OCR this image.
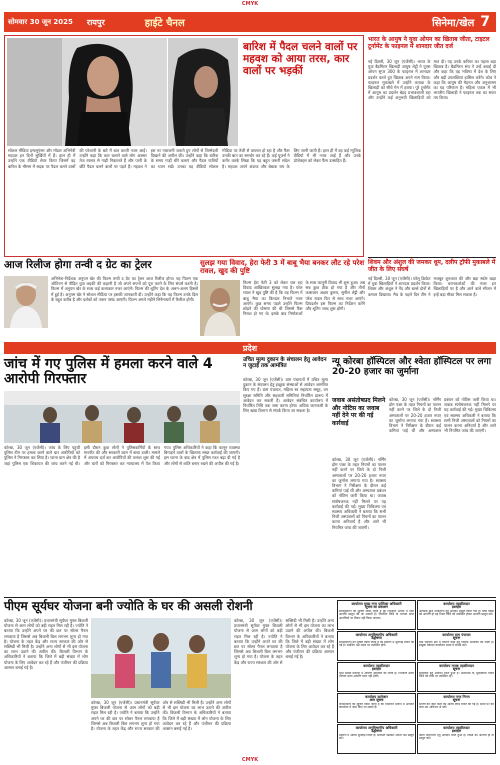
CMYK
सोमवार 30 जून 2025 रायपुर	हाईटे चैनल	सिनेमा/खेल 7
बारिश में पैदल चलने वालों पर महवश को आया तरस, कार वालों पर भड़कीं
सोशल मीडिया इन्फ्लुएंसर और मॉडल अभिनेत्री महवश इन दिनों सुर्खियों में हैं। हाल ही में उन्होंने एक वीडियो शेयर किया जिसमें वह बारिश के मौसम में सड़क पर पैदल चलने वालों की परेशानी के बारे में बात करती नजर आईं। उन्होंने कहा कि कार चलाने वाले लोग अक्सर तेज रफ्तार से गाड़ी निकालते हैं और पानी के छींटे पैदल चलने वालों पर पड़ते हैं। महवश ने इस पर नाराजगी जताते हुए लोगों से जिम्मेदारी दिखाने की अपील की। उन्होंने कहा कि बारिश के समय गाड़ी धीरे चलाएं और पैदल यात्रियों का ध्यान रखें। उनका यह वीडियो सोशल मीडिया पर तेजी से वायरल हो रहा है और फैंस उनकी बात का समर्थन कर रहे हैं। कई यूजर्स ने कमेंट करके लिखा कि यह बहुत जरूरी संदेश है। महवश अपने अंदाज और बेबाक राय के लिए जानी जाती हैं। हाल ही में वह कई म्यूजिक वीडियो में भी नजर आई हैं और उनके प्रोजेक्ट्स को लेकर फैंस उत्साहित हैं।
भारत के आयुष ने युवा ओपन का खिताब जीता, टाइटल टूर्नामेंट के फाइनल में शानदार जीत दर्ज
नई दिल्ली, 30 जून (एजेंसी)। भारत के युवा बैडमिंटन खिलाड़ी आयुष शेट्टी ने यूएस ओपन सुपर 300 के फाइनल में शानदार प्रदर्शन करते हुए खिताब अपने नाम किया। फाइनल मुकाबले में उन्होंने कनाडा के खिलाड़ी को सीधे गेम में हराया। पूरे टूर्नामेंट में आयुष का प्रदर्शन बेहद प्रभावशाली रहा और उन्होंने कई अनुभवी खिलाड़ियों को मात दी। यह उनके करियर का पहला बड़ा खिताब है। बैडमिंटन संघ ने उन्हें बधाई दी और कहा कि वह भविष्य में देश के लिए और बड़ी उपलब्धियां हासिल करेंगे। कोच ने कहा कि आयुष की मेहनत और अनुशासन का यह परिणाम है। महिला एकल में भी भारतीय खिलाड़ी ने फाइनल तक का सफर तय किया।
शिवम और अंशुल की जमकर धूम, दलीप ट्रॉफी मुकाबले में जीत के लिए संघर्ष
नई दिल्ली, 30 जून (एजेंसी)। घरेलू क्रिकेट में युवा खिलाड़ियों ने शानदार प्रदर्शन किया। शिवम और अंशुल ने गेंद और बल्ले दोनों से कमाल दिखाया। मैच के पहले दिन टीम ने मजबूत शुरुआत की और बड़ा स्कोर खड़ा किया। चयनकर्ताओं की नजर इन खिलाड़ियों पर है और आने वाले सीजन में इन्हें बड़ा मौका मिल सकता है।
आज रिलीज होगा तन्वी द ग्रेट का ट्रेलर
अभिनेता-निर्देशक अनुपम खेर की फिल्म तन्वी द ग्रेट का ट्रेलर आज रिलीज होगा। यह फिल्म एक ऑटिज्म से पीड़ित युवा लड़की की कहानी है जो अपने सपनों को पूरा करने के लिए संघर्ष करती है। फिल्म में अनुपम खेर के साथ कई कलाकार नजर आएंगे। फिल्म की शूटिंग देश के अलग-अलग हिस्सों में हुई है। अनुपम खेर ने सोशल मीडिया पर इसकी जानकारी दी। उन्होंने कहा कि यह फिल्म उनके दिल के बहुत करीब है और दर्शकों को जरूर पसंद आएगी। फिल्म अगले महीने सिनेमाघरों में रिलीज होगी।
सुलझ गया विवाद, हेरा फेरी 3 में बाबू भैया बनकर लौट रहे परेश रावल, खुद की पुष्टि
फिल्म हेरा फेरी 3 को लेकर चल रहा विवाद आखिरकार सुलझ गया है। परेश रावल ने खुद पुष्टि की है कि वह फिल्म में बाबू भैया का किरदार निभाते नजर आएंगे। कुछ समय पहले उन्होंने फिल्म छोड़ने की घोषणा की थी जिससे फैंस निराश हो गए थे। इसके बाद निर्माताओं के साथ कानूनी विवाद भी शुरू हुआ। अब सब कुछ ठीक हो गया है और तीनों कलाकार अक्षय कुमार, सुनील शेट्टी और परेश रावल फिर से साथ नजर आएंगे। प्रियदर्शन इस फिल्म का निर्देशन करेंगे और शूटिंग जल्द शुरू होगी।
प्रदेश
जांच में गए पुलिस में हमला करने वाले 4 आरोपी गिरफ्तार
कोरबा, 30 जून (एजेंसी)। जांच के लिए पहुंची पुलिस टीम पर हमला करने वाले चार आरोपियों को पुलिस ने गिरफ्तार कर लिया है। घटना ग्राम क्षेत्र की है जहां पुलिस एक शिकायत की जांच करने गई थी। इसी दौरान कुछ लोगों ने पुलिसकर्मियों के साथ मारपीट की और सरकारी काम में बाधा डाली। मामले में अपराध दर्ज कर आरोपियों की तलाश शुरू की गई और चारों को गिरफ्तार कर न्यायालय में पेश किया गया। पुलिस अधिकारियों ने कहा कि कानून व्यवस्था बिगाड़ने वालों के खिलाफ सख्त कार्रवाई की जाएगी। इस घटना के बाद क्षेत्र में पुलिस गश्त बढ़ा दी गई है और लोगों से शांति बनाए रखने की अपील की गई है।
उचित मूल्य दुकान के संचालन हेतु आवेदन न जुटाई तक आमंत्रित
कोरबा, 30 जून (एजेंसी)। ग्राम पंचायतों में उचित मूल्य दुकान के संचालन हेतु इच्छुक संस्थाओं से आवेदन आमंत्रित किए गए हैं। ग्राम पंचायत, महिला स्व सहायता समूह, वन सुरक्षा समिति और सहकारी समितियां निर्धारित प्रारूप में आवेदन कर सकती हैं। आवेदन संबंधित कार्यालय में निर्धारित तिथि तक जमा करना होगा। अधिक जानकारी के लिए खाद्य विभाग से संपर्क किया जा सकता है।
न्यू कोरबा हॉस्पिटल और श्वेता हॉस्पिटल पर लगा 20-20 हजार का जुर्माना
जवाब असंतोषप्रद मिलने और नोटिस का जवाब नहीं देने पर की गई कार्रवाई
कोरबा, 30 जून (एजेंसी)। नर्सिंग होम एक्ट के तहत नियमों का पालन नहीं करने पर जिले के दो निजी अस्पतालों पर 20-20 हजार रुपए का जुर्माना लगाया गया है। स्वास्थ्य विभाग ने निरीक्षण के दौरान कई कमियां पाई थीं और अस्पताल प्रबंधन को नोटिस जारी किया था। जवाब संतोषजनक नहीं मिलने पर यह कार्रवाई की गई। मुख्य चिकित्सा एवं स्वास्थ्य अधिकारी ने बताया कि सभी निजी अस्पतालों को नियमों का पालन करना अनिवार्य है और आगे भी नियमित जांच की जाएगी।
कोरबा, 30 जून (एजेंसी)। नर्सिंग होम एक्ट के तहत नियमों का पालन नहीं करने पर जिले के दो निजी अस्पतालों पर 20-20 हजार रुपए का जुर्माना लगाया गया है। स्वास्थ्य विभाग ने निरीक्षण के दौरान कई कमियां पाई थीं और अस्पताल प्रबंधन को नोटिस जारी किया था। जवाब संतोषजनक नहीं मिलने पर यह कार्रवाई की गई। मुख्य चिकित्सा एवं स्वास्थ्य अधिकारी ने बताया कि सभी निजी अस्पतालों को नियमों का पालन करना अनिवार्य है और आगे भी नियमित जांच की जाएगी।
पीएम सूर्यघर योजना बनी ज्योति के घर की असली रोशनी
कोरबा, 30 जून (एजेंसी)। प्रधानमंत्री सूर्यघर मुफ्त बिजली योजना से आम लोगों को बड़ी राहत मिल रही है। ज्योति ने बताया कि उन्होंने अपने घर की छत पर सोलर पैनल लगवाया है जिससे अब बिजली बिल लगभग शून्य हो गया है। योजना के तहत केंद्र और राज्य सरकार की ओर से सब्सिडी भी मिली है। उन्होंने अन्य लोगों से भी इस योजना का लाभ उठाने की अपील की। बिजली विभाग के अधिकारियों ने बताया कि जिले में बड़ी संख्या में लोग योजना के लिए आवेदन कर रहे हैं और पंजीयन की प्रक्रिया आसान बनाई गई है।
कोरबा, 30 जून (एजेंसी)। प्रधानमंत्री सूर्यघर मुफ्त बिजली योजना से आम लोगों को बड़ी राहत मिल रही है। ज्योति ने बताया कि उन्होंने अपने घर की छत पर सोलर पैनल लगवाया है जिससे अब बिजली बिल लगभग शून्य हो गया है। योजना के तहत केंद्र और राज्य सरकार की ओर से सब्सिडी भी मिली है। उन्होंने अन्य लोगों से भी इस योजना का लाभ उठाने की अपील की। बिजली विभाग के अधिकारियों ने बताया कि जिले में बड़ी संख्या में लोग योजना के लिए आवेदन कर रहे हैं और पंजीयन की प्रक्रिया आसान बनाई गई है।
कोरबा, 30 जून (एजेंसी)। प्रधानमंत्री सूर्यघर मुफ्त बिजली योजना से आम लोगों को बड़ी राहत मिल रही है। ज्योति ने बताया कि उन्होंने अपने घर की छत पर सोलर पैनल लगवाया है जिससे अब बिजली बिल लगभग शून्य हो गया है। योजना के तहत केंद्र और राज्य सरकार की ओर से सब्सिडी भी मिली है। उन्होंने अन्य लोगों से भी इस योजना का लाभ उठाने की अपील की। बिजली विभाग के अधिकारियों ने बताया कि जिले में बड़ी संख्या में लोग योजना के लिए आवेदन कर रहे हैं और पंजीयन की प्रक्रिया आसान बनाई गई है।
कार्यालय मुख्य नगर पालिका अधिकारी
सूचना का प्रकाशन
सर्वसाधारण को सूचित किया जाता है कि निर्धारित अवधि में दावा आपत्ति प्रस्तुत की जा सकती है। निर्धारित तिथि के पश्चात प्राप्त आपत्तियों पर विचार नहीं किया जाएगा।
कार्यालय तहसीलदार
इश्तहार
आवेदक द्वारा नामांतरण हेतु आवेदन प्रस्तुत किया गया है। जिस किसी को आपत्ति हो वह नियत तिथि को उपस्थित होकर आपत्ति प्रस्तुत करे।
कार्यालय अनुविभागीय अधिकारी
उद्घोषणा
सर्वसाधारण को सूचित किया जाता है कि प्रकरण में सुनवाई नियत की गई है। संबंधित पक्ष समय पर उपस्थित होवें।
कार्यालय ग्राम पंचायत
सूचना
ग्राम पंचायत क्षेत्र में निर्माण कार्य हेतु निविदा आमंत्रित की जाती है। इच्छुक ठेकेदार कार्यालय समय में संपर्क करें।
कार्यालय तहसीलदार
इश्तहार
भूमि संबंधी प्रकरण में आपत्ति आमंत्रित की जाती है। निर्धारित समय पश्चात प्राप्त आपत्ति मान्य नहीं होगी।
कार्यालय नायब तहसीलदार
सूचना
सीमांकन हेतु आवेदन प्राप्त हुआ है। आसपास के भूमिस्वामी नियत तिथि को मौके पर उपस्थित रहें।
कार्यालय कलेक्टर
आम सूचना
जनसामान्य को सूचित किया जाता है कि निर्धारित प्रारूप में आवेदन कार्यालय में जमा किए जा सकते हैं।
कार्यालय नगर निगम
सूचना
संपत्ति कर जमा करने की अंतिम तिथि नियत की गई है। समय पर कर जमा कर अधिभार से बचें।
कार्यालय अनुविभागीय अधिकारी
उद्घोषणा
प्रकरण में अंतिम सुनवाई नियत है। संबंधित पक्षकार अपना पक्ष प्रस्तुत करें।
कार्यालय तहसीलदार
इश्तहार
फौती नामांतरण हेतु आवेदन प्राप्त हुआ है। किसी को आपत्ति हो तो प्रस्तुत करें।
CMYK
